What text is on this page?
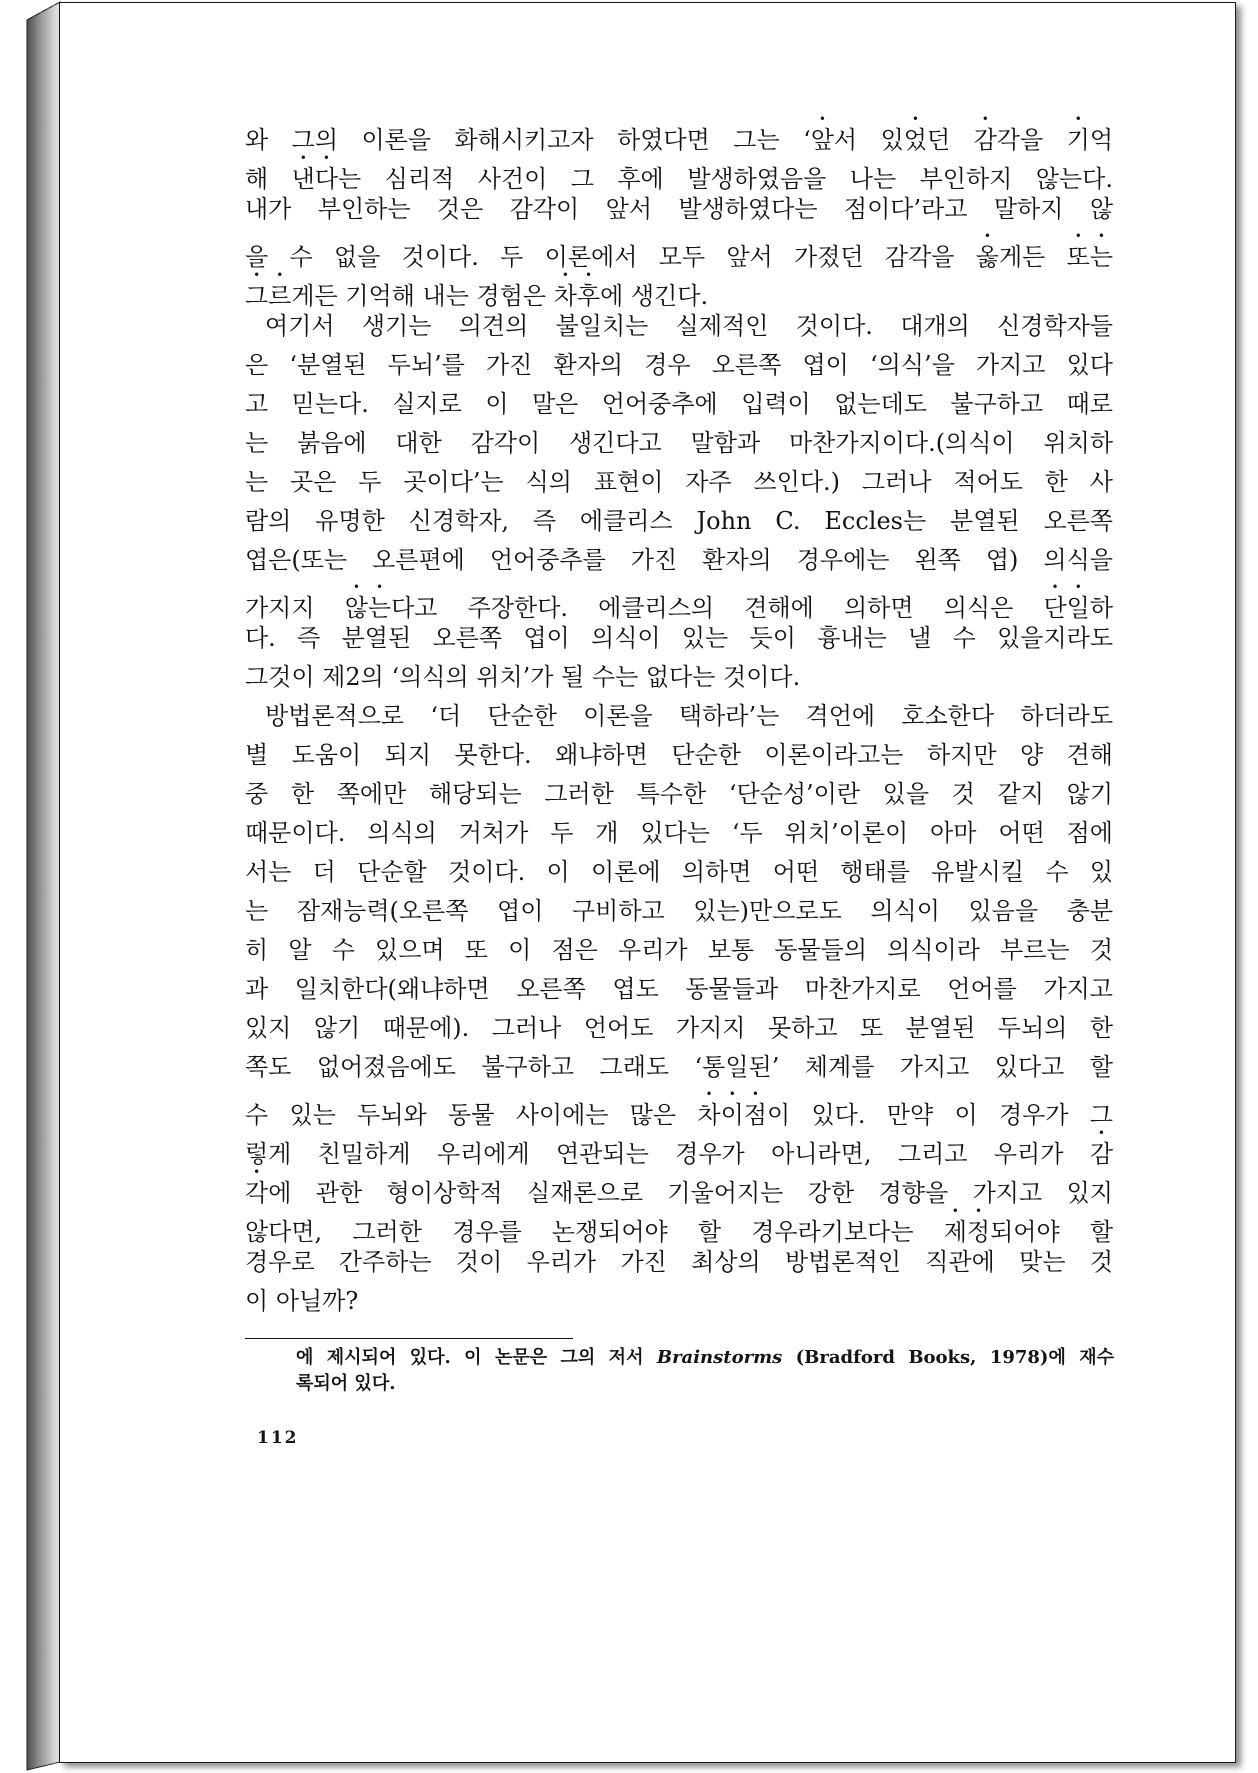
와 그의 이론을 화해시키고자 하였다면 그는 ‘앞서 있었던 감각을 기억
해 낸다는 심리적 사건이 그 후에 발생하였음을 나는 부인하지 않는다.
내가 부인하는 것은 감각이 앞서 발생하였다는 점이다’라고 말하지 않
을 수 없을 것이다. 두 이론에서 모두 앞서 가졌던 감각을 옳게든 또는
그르게든 기억해 내는 경험은 차후에 생긴다.
여기서 생기는 의견의 불일치는 실제적인 것이다. 대개의 신경학자들
은 ‘분열된 두뇌’를 가진 환자의 경우 오른쪽 엽이 ‘의식’을 가지고 있다
고 믿는다. 실지로 이 말은 언어중추에 입력이 없는데도 불구하고 때로
는 붉음에 대한 감각이 생긴다고 말함과 마찬가지이다.(의식이 위치하
는 곳은 두 곳이다’는 식의 표현이 자주 쓰인다.) 그러나 적어도 한 사
람의 유명한 신경학자, 즉 에클리스 John C. Eccles는 분열된 오른쪽
엽은(또는 오른편에 언어중추를 가진 환자의 경우에는 왼쪽 엽) 의식을
가지지 않는다고 주장한다. 에클리스의 견해에 의하면 의식은 단일하
다. 즉 분열된 오른쪽 엽이 의식이 있는 듯이 흉내는 낼 수 있을지라도
그것이 제2의 ‘의식의 위치’가 될 수는 없다는 것이다.
방법론적으로 ‘더 단순한 이론을 택하라’는 격언에 호소한다 하더라도
별 도움이 되지 못한다. 왜냐하면 단순한 이론이라고는 하지만 양 견해
중 한 쪽에만 해당되는 그러한 특수한 ‘단순성’이란 있을 것 같지 않기
때문이다. 의식의 거처가 두 개 있다는 ‘두 위치’이론이 아마 어떤 점에
서는 더 단순할 것이다. 이 이론에 의하면 어떤 행태를 유발시킬 수 있
는 잠재능력(오른쪽 엽이 구비하고 있는)만으로도 의식이 있음을 충분
히 알 수 있으며 또 이 점은 우리가 보통 동물들의 의식이라 부르는 것
과 일치한다(왜냐하면 오른쪽 엽도 동물들과 마찬가지로 언어를 가지고
있지 않기 때문에). 그러나 언어도 가지지 못하고 또 분열된 두뇌의 한
쪽도 없어졌음에도 불구하고 그래도 ‘통일된’ 체계를 가지고 있다고 할
수 있는 두뇌와 동물 사이에는 많은 차이점이 있다. 만약 이 경우가 그
렇게 친밀하게 우리에게 연관되는 경우가 아니라면, 그리고 우리가 감
각에 관한 형이상학적 실재론으로 기울어지는 강한 경향을 가지고 있지
않다면, 그러한 경우를 논쟁되어야 할 경우라기보다는 제정되어야 할
경우로 간주하는 것이 우리가 가진 최상의 방법론적인 직관에 맞는 것
이 아닐까?
에 제시되어 있다. 이 논문은 그의 저서 Brainstorms (Bradford Books, 1978)에 재수
록되어 있다.
112
